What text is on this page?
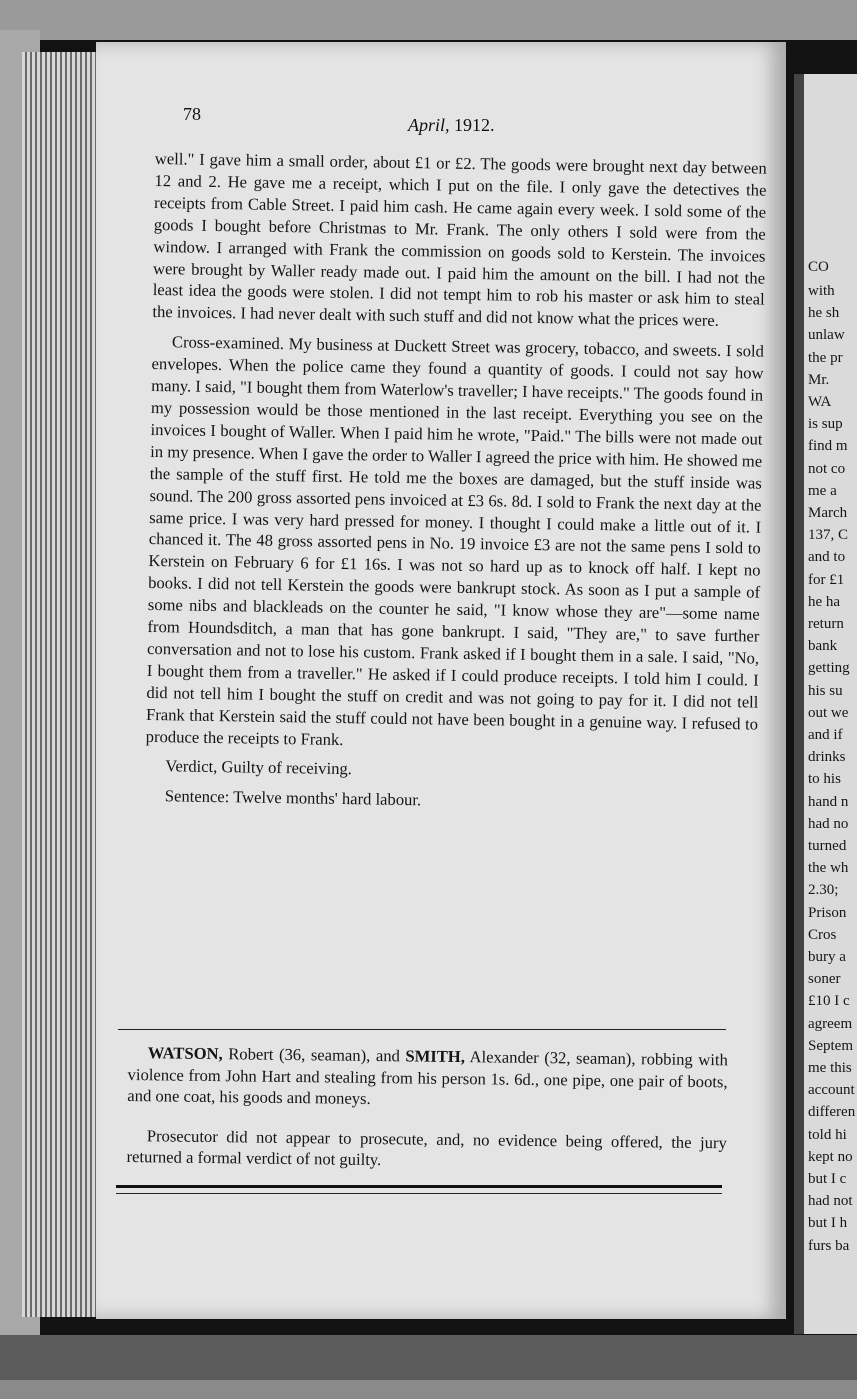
CO
with
he sh
unlaw
the pr
Mr.
WA
is sup
find m
not co
me a
March
137, C
and to
for £1
he ha
return
bank
getting
his su
out we
and if
drinks
to his
hand n
had no
turned
the wh
2.30;
Prison
Cros
bury a
soner
£10 I c
agreem
Septem
me this
account
differen
told hi
kept no
but I c
had not
but I h
furs ba
78
April, 1912.

well." I gave him a small order, about £1 or £2. The goods were brought next day between 12 and 2. He gave me a receipt, which I put on the file. I only gave the detectives the receipts from Cable Street. I paid him cash. He came again every week. I sold some of the goods I bought before Christmas to Mr. Frank. The only others I sold were from the window. I arranged with Frank the commission on goods sold to Kerstein. The invoices were brought by Waller ready made out. I paid him the amount on the bill. I had not the least idea the goods were stolen. I did not tempt him to rob his master or ask him to steal the invoices. I had never dealt with such stuff and did not know what the prices were.

Cross-examined. My business at Duckett Street was grocery, tobacco, and sweets. I sold envelopes. When the police came they found a quantity of goods. I could not say how many. I said, "I bought them from Waterlow's traveller; I have receipts." The goods found in my possession would be those mentioned in the last receipt. Everything you see on the invoices I bought of Waller. When I paid him he wrote, "Paid." The bills were not made out in my presence. When I gave the order to Waller I agreed the price with him. He showed me the sample of the stuff first. He told me the boxes are damaged, but the stuff inside was sound. The 200 gross assorted pens invoiced at £3 6s. 8d. I sold to Frank the next day at the same price. I was very hard pressed for money. I thought I could make a little out of it. I chanced it. The 48 gross assorted pens in No. 19 invoice £3 are not the same pens I sold to Kerstein on February 6 for £1 16s. I was not so hard up as to knock off half. I kept no books. I did not tell Kerstein the goods were bankrupt stock. As soon as I put a sample of some nibs and blackleads on the counter he said, "I know whose they are"—some name from Houndsditch, a man that has gone bankrupt. I said, "They are," to save further conversation and not to lose his custom. Frank asked if I bought them in a sale. I said, "No, I bought them from a traveller." He asked if I could produce receipts. I told him I could. I did not tell him I bought the stuff on credit and was not going to pay for it. I did not tell Frank that Kerstein said the stuff could not have been bought in a genuine way. I refused to produce the receipts to Frank.

Verdict, Guilty of receiving.

Sentence: Twelve months' hard labour.

WATSON, Robert (36, seaman), and SMITH, Alexander (32, seaman), robbing with violence from John Hart and stealing from his person 1s. 6d., one pipe, one pair of boots, and one coat, his goods and moneys.

Prosecutor did not appear to prosecute, and, no evidence being offered, the jury returned a formal verdict of not guilty.
